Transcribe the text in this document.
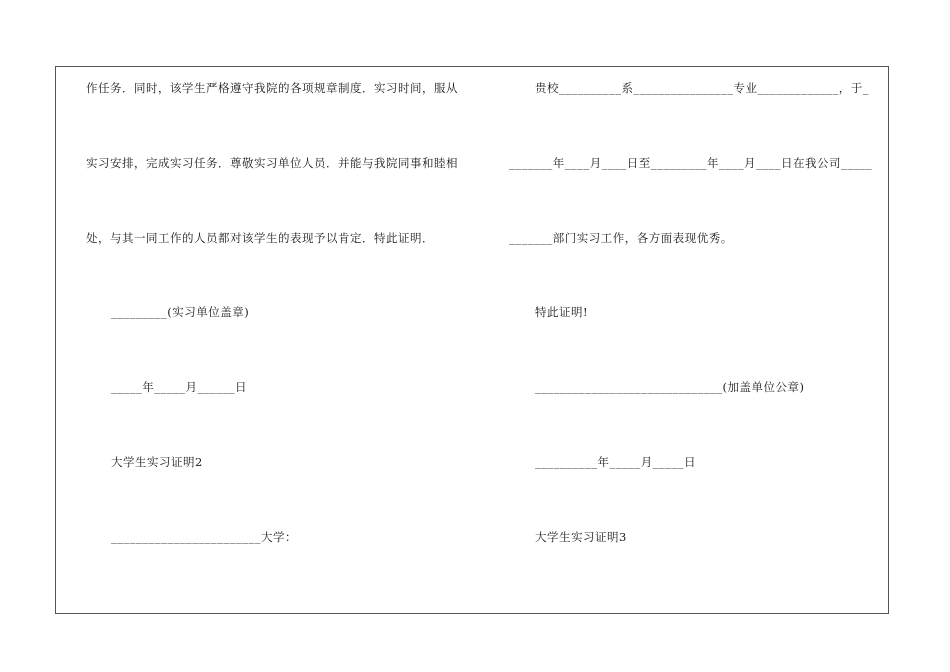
作任务．同时，该学生严格遵守我院的各项规章制度．实习时间，服从
实习安排，完成实习任务．尊敬实习单位人员．并能与我院同事和睦相
处，与其一同工作的人员都对该学生的表现予以肯定．特此证明．
_________(实习单位盖章)
_____年_____月______日
大学生实习证明2
________________________大学：
贵校__________系________________专业_____________，于_
_______年____月____日至_________年____月____日在我公司_____
_______部门实习工作，各方面表现优秀。
特此证明!
______________________________(加盖单位公章)
__________年_____月_____日
大学生实习证明3
